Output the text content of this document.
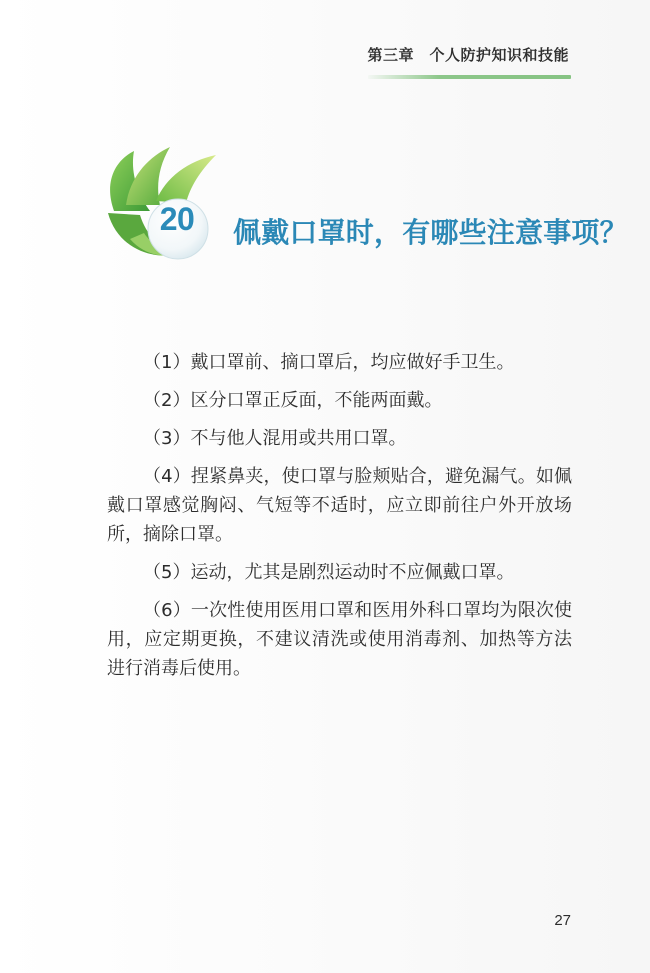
第三章　个人防护知识和技能
20	佩戴口罩时，有哪些注意事项？

（1）戴口罩前、摘口罩后，均应做好手卫生。

（2）区分口罩正反面，不能两面戴。

（3）不与他人混用或共用口罩。

（4）捏紧鼻夹，使口罩与脸颊贴合，避免漏气。如佩戴口罩感觉胸闷、气短等不适时，应立即前往户外开放场所，摘除口罩。

（5）运动，尤其是剧烈运动时不应佩戴口罩。

（6）一次性使用医用口罩和医用外科口罩均为限次使用，应定期更换，不建议清洗或使用消毒剂、加热等方法进行消毒后使用。

27
